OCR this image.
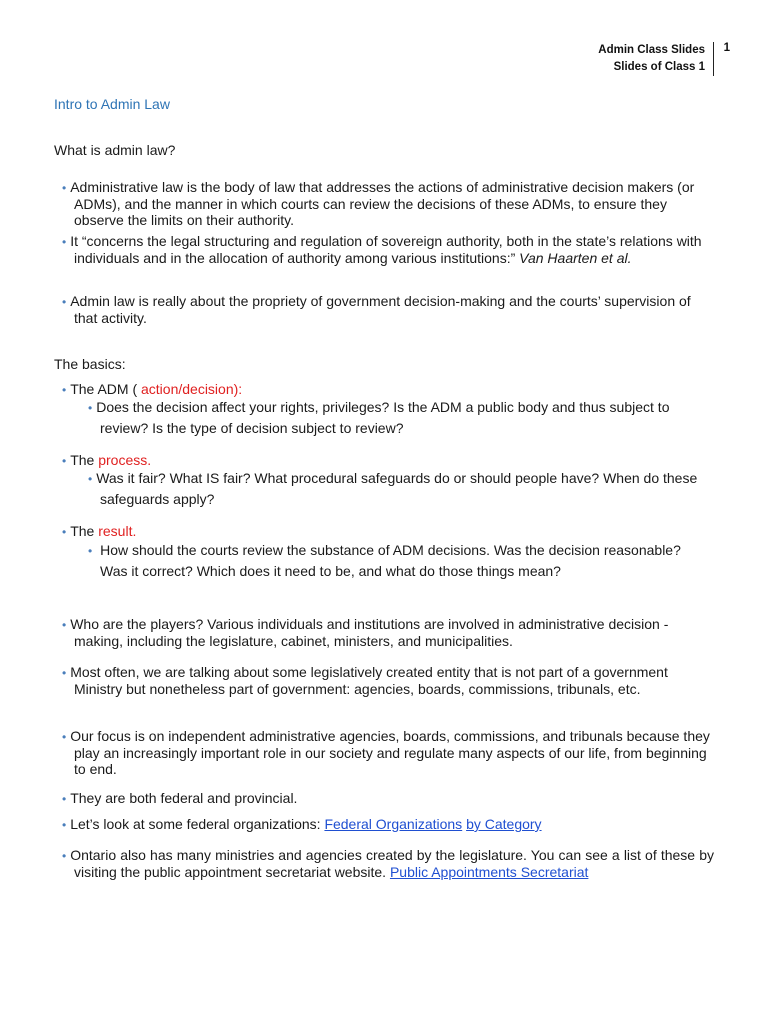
Admin Class Slides
Slides of Class 1
1
Intro to Admin Law
What is admin law?
• Administrative law is the body of law that addresses the actions of administrative decision makers (or ADMs), and the manner in which courts can review the decisions of these ADMs, to ensure they observe the limits on their authority.
• It “concerns the legal structuring and regulation of sovereign authority, both in the state’s relations with individuals and in the allocation of authority among various institutions:” Van Haarten et al.
• Admin law is really about the propriety of government decision-making and the courts’ supervision of that activity.
The basics:
• The ADM ( action/decision):
• Does the decision affect your rights, privileges? Is the ADM a public body and thus subject to review? Is the type of decision subject to review?
• The process.
• Was it fair? What IS fair? What procedural safeguards do or should people have? When do these safeguards apply?
• The result.
• How should the courts review the substance of ADM decisions. Was the decision reasonable? Was it correct? Which does it need to be, and what do those things mean?
• Who are the players? Various individuals and institutions are involved in administrative decision -making, including the legislature, cabinet, ministers, and municipalities.
• Most often, we are talking about some legislatively created entity that is not part of a government Ministry but nonetheless part of government: agencies, boards, commissions, tribunals, etc.
• Our focus is on independent administrative agencies, boards, commissions, and tribunals because they play an increasingly important role in our society and regulate many aspects of our life, from beginning to end.
• They are both federal and provincial.
• Let’s look at some federal organizations: Federal Organizations by Category
• Ontario also has many ministries and agencies created by the legislature. You can see a list of these by visiting the public appointment secretariat website. Public Appointments Secretariat
